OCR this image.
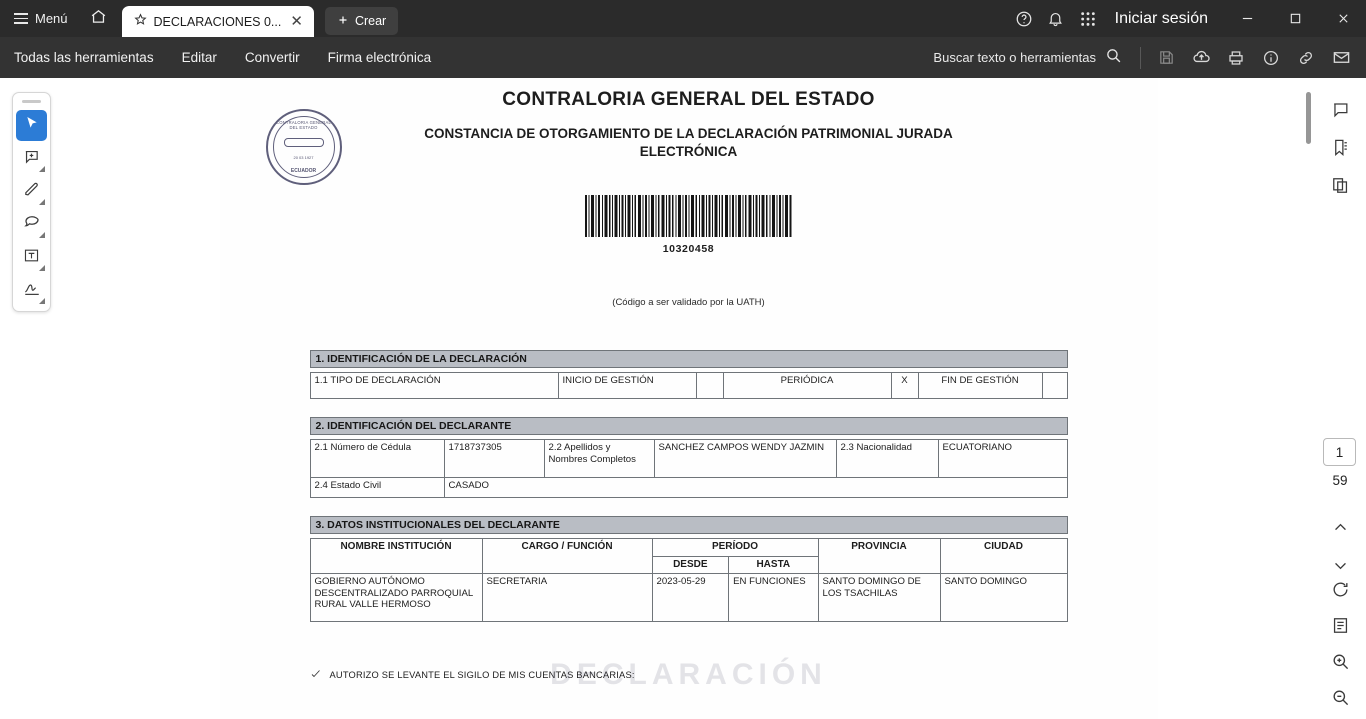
Menú	DECLARACIONES 0... ✕	Crear	Iniciar sesión
Todas las herramientas	Editar	Convertir	Firma electrónica	Buscar texto o herramientas
CONTRALORIA GENERAL DEL ESTADO
20 03 1927
ECUADOR
CONTRALORIA GENERAL DEL ESTADO
CONSTANCIA DE OTORGAMIENTO DE LA DECLARACIÓN PATRIMONIAL JURADA ELECTRÓNICA
10320458
(Código a ser validado por la UATH)
1. IDENTIFICACIÓN DE LA DECLARACIÓN
1.1 TIPO DE DECLARACIÓN	INICIO DE GESTIÓN		PERIÓDICA	X	FIN DE GESTIÓN	
2. IDENTIFICACIÓN DEL DECLARANTE
2.1 Número de Cédula	1718737305	2.2 Apellidos y Nombres Completos	SANCHEZ CAMPOS WENDY JAZMIN	2.3 Nacionalidad	ECUATORIANO
2.4 Estado Civil	CASADO				
3. DATOS INSTITUCIONALES DEL DECLARANTE
NOMBRE INSTITUCIÓN	CARGO / FUNCIÓN	PERÍODO		PROVINCIA	CIUDAD
		DESDE	HASTA		
GOBIERNO AUTÓNOMO DESCENTRALIZADO PARROQUIAL RURAL VALLE HERMOSO	SECRETARIA	2023-05-29	EN FUNCIONES	SANTO DOMINGO DE LOS TSACHILAS	SANTO DOMINGO
AUTORIZO SE LEVANTE EL SIGILO DE MIS CUENTAS BANCARIAS:
DECLARACIÓN
1
59
